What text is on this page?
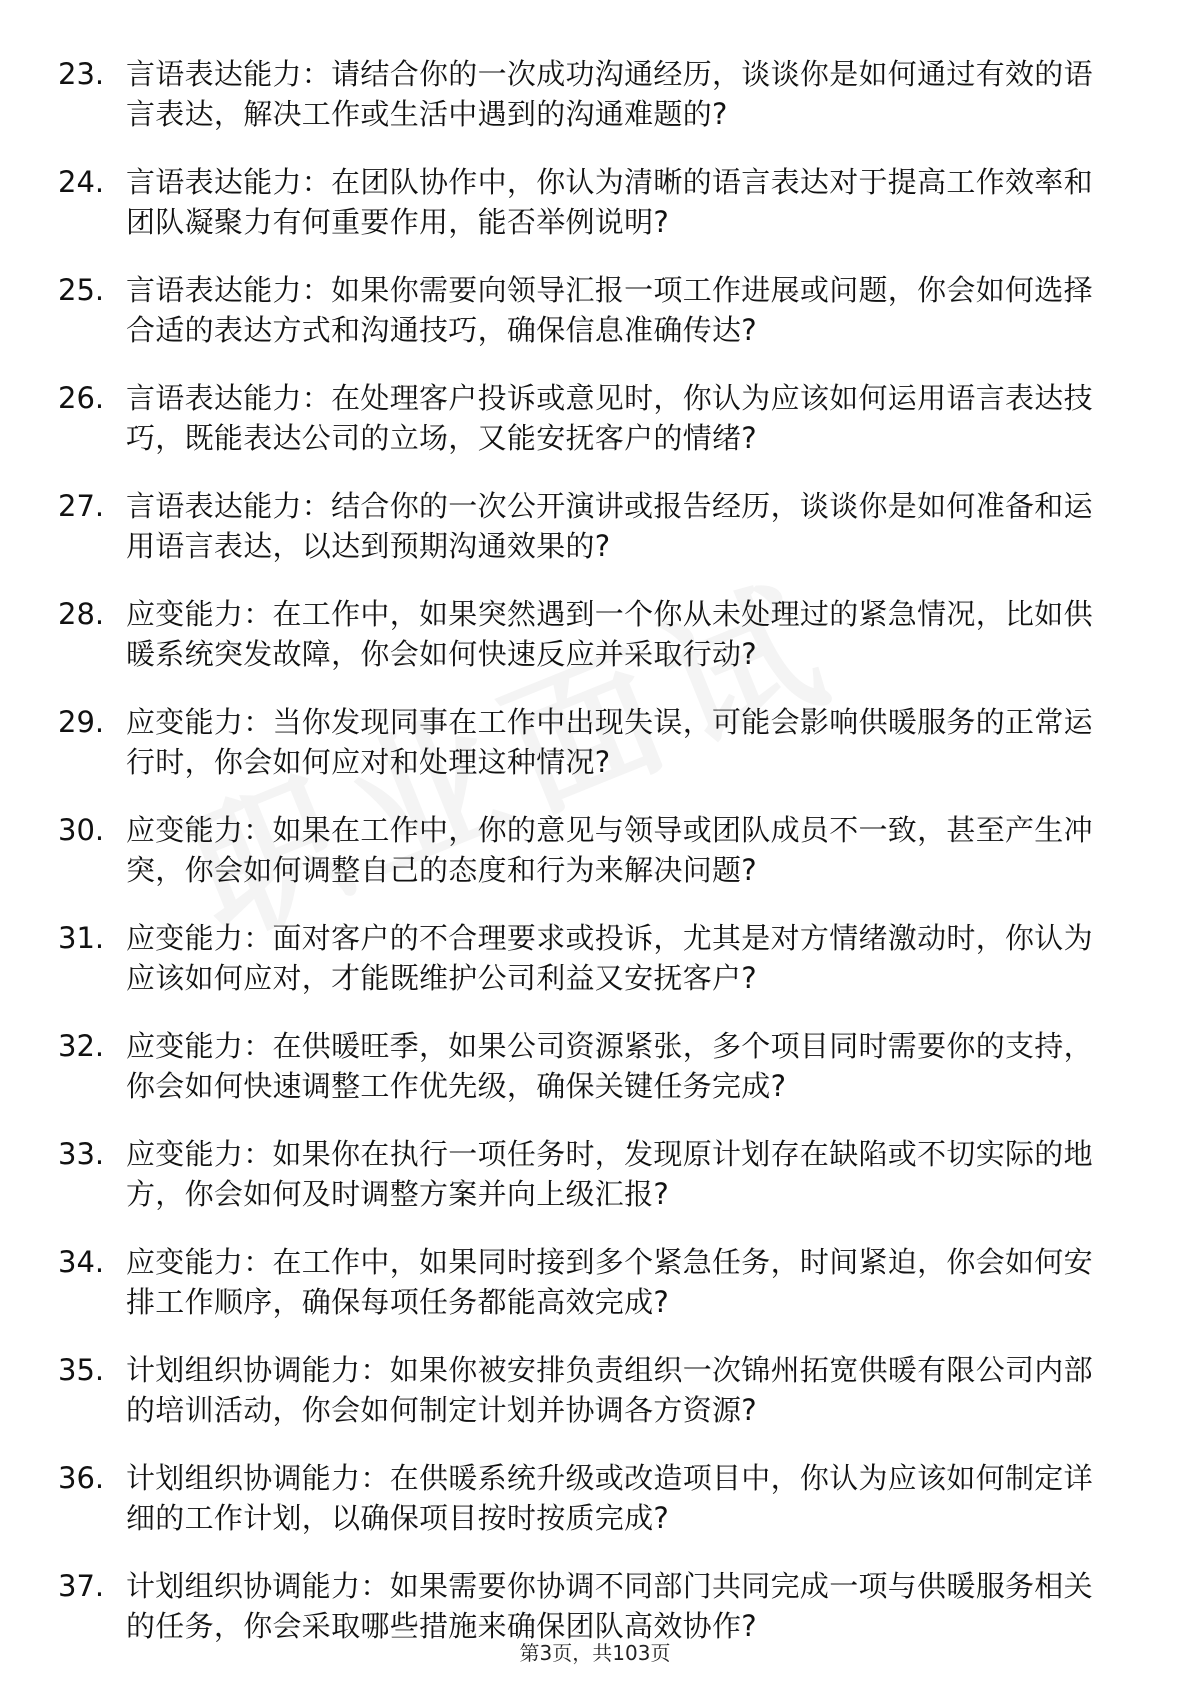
23. 言语表达能力：请结合你的一次成功沟通经历，谈谈你是如何通过有效的语言表达，解决工作或生活中遇到的沟通难题的?
24. 言语表达能力：在团队协作中，你认为清晰的语言表达对于提高工作效率和团队凝聚力有何重要作用，能否举例说明?
25. 言语表达能力：如果你需要向领导汇报一项工作进展或问题，你会如何选择合适的表达方式和沟通技巧，确保信息准确传达?
26. 言语表达能力：在处理客户投诉或意见时，你认为应该如何运用语言表达技巧，既能表达公司的立场，又能安抚客户的情绪?
27. 言语表达能力：结合你的一次公开演讲或报告经历，谈谈你是如何准备和运用语言表达，以达到预期沟通效果的?
28. 应变能力：在工作中，如果突然遇到一个你从未处理过的紧急情况，比如供暖系统突发故障，你会如何快速反应并采取行动?
29. 应变能力：当你发现同事在工作中出现失误，可能会影响供暖服务的正常运行时，你会如何应对和处理这种情况?
30. 应变能力：如果在工作中，你的意见与领导或团队成员不一致，甚至产生冲突，你会如何调整自己的态度和行为来解决问题?
31. 应变能力：面对客户的不合理要求或投诉，尤其是对方情绪激动时，你认为应该如何应对，才能既维护公司利益又安抚客户?
32. 应变能力：在供暖旺季，如果公司资源紧张，多个项目同时需要你的支持，你会如何快速调整工作优先级，确保关键任务完成?
33. 应变能力：如果你在执行一项任务时，发现原计划存在缺陷或不切实际的地方，你会如何及时调整方案并向上级汇报?
34. 应变能力：在工作中，如果同时接到多个紧急任务，时间紧迫，你会如何安排工作顺序，确保每项任务都能高效完成?
35. 计划组织协调能力：如果你被安排负责组织一次锦州拓宽供暖有限公司内部的培训活动，你会如何制定计划并协调各方资源?
36. 计划组织协调能力：在供暖系统升级或改造项目中，你认为应该如何制定详细的工作计划，以确保项目按时按质完成?
37. 计划组织协调能力：如果需要你协调不同部门共同完成一项与供暖服务相关的任务，你会采取哪些措施来确保团队高效协作?
第3页，共103页
